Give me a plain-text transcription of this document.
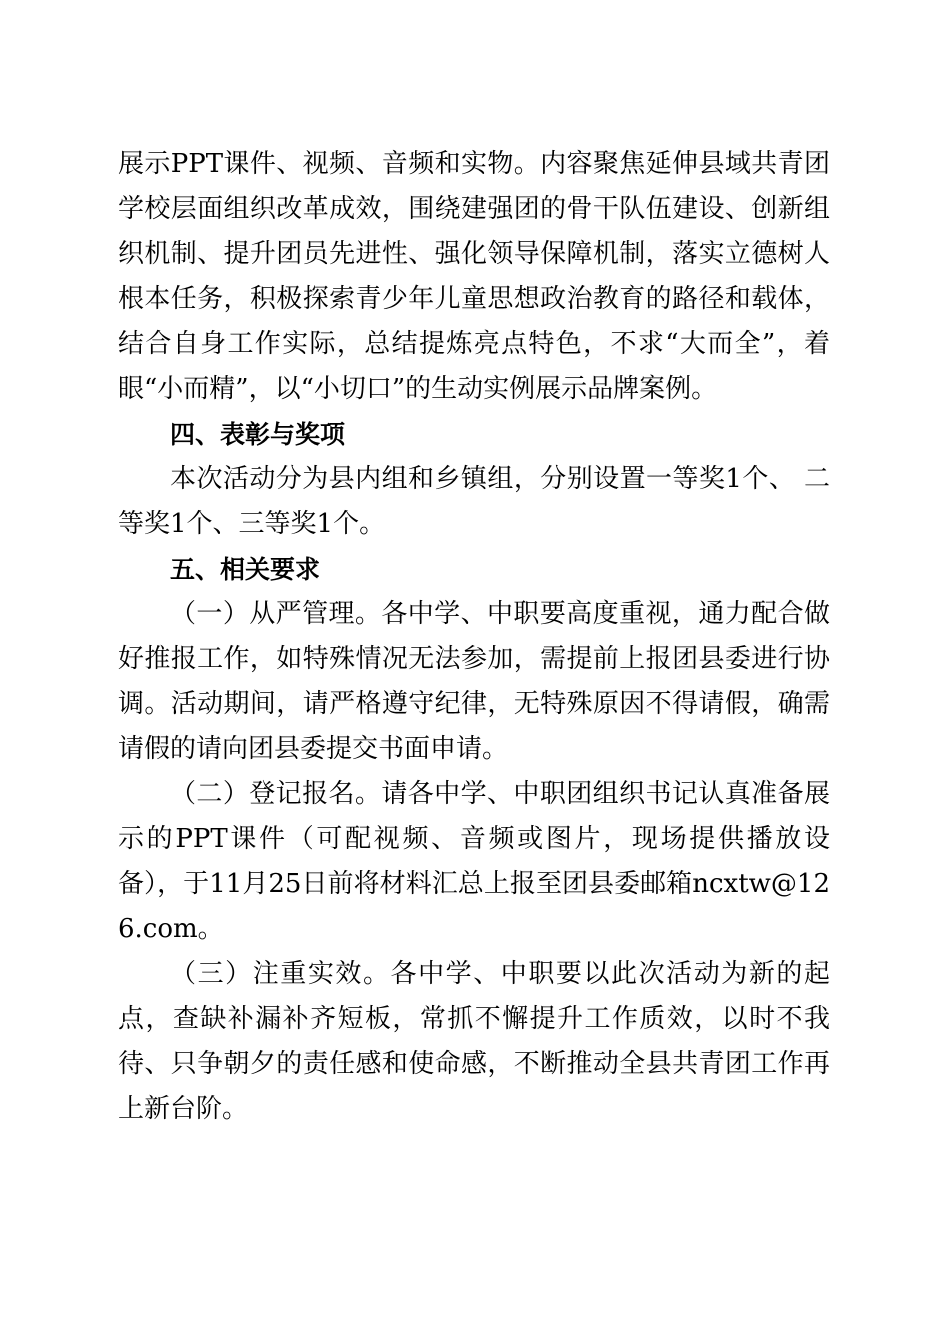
展示PPT课件、视频、音频和实物。内容聚焦延伸县域共青团学校层面组织改革成效，围绕建强团的骨干队伍建设、创新组织机制、提升团员先进性、强化领导保障机制，落实立德树人根本任务，积极探索青少年儿童思想政治教育的路径和载体，结合自身工作实际，总结提炼亮点特色，不求“大而全”，着眼“小而精”，以“小切口”的生动实例展示品牌案例。

四、表彰与奖项

本次活动分为县内组和乡镇组，分别设置一等奖1个、 二等奖1个、三等奖1个。

五、相关要求

（一）从严管理。各中学、中职要高度重视，通力配合做好推报工作，如特殊情况无法参加，需提前上报团县委进行协调。活动期间，请严格遵守纪律，无特殊原因不得请假，确需请假的请向团县委提交书面申请。

（二）登记报名。请各中学、中职团组织书记认真准备展示的PPT课件（可配视频、音频或图片，现场提供播放设备），于11月25日前将材料汇总上报至团县委邮箱ncxtw@126.com。

（三）注重实效。各中学、中职要以此次活动为新的起点，查缺补漏补齐短板，常抓不懈提升工作质效，以时不我待、只争朝夕的责任感和使命感，不断推动全县共青团工作再上新台阶。
